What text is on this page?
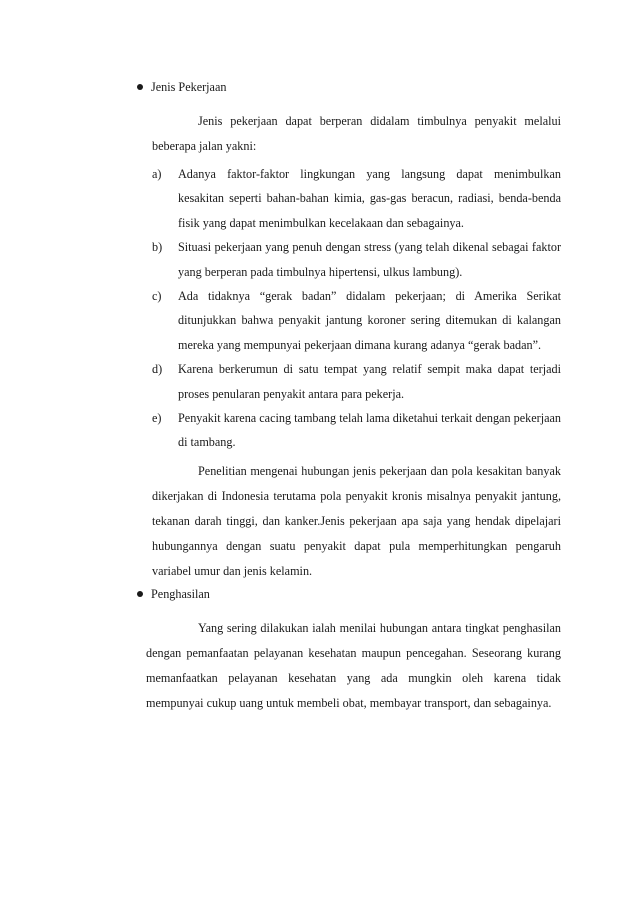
Jenis Pekerjaan

Jenis pekerjaan dapat berperan didalam timbulnya penyakit melalui beberapa jalan yakni:

a) Adanya faktor-faktor lingkungan yang langsung dapat menimbulkan kesakitan seperti bahan-bahan kimia, gas-gas beracun, radiasi, benda-benda fisik yang dapat menimbulkan kecelakaan dan sebagainya.
b) Situasi pekerjaan yang penuh dengan stress (yang telah dikenal sebagai faktor yang berperan pada timbulnya hipertensi, ulkus lambung).
c) Ada tidaknya “gerak badan” didalam pekerjaan; di Amerika Serikat ditunjukkan bahwa penyakit jantung koroner sering ditemukan di kalangan mereka yang mempunyai pekerjaan dimana kurang adanya “gerak badan”.
d) Karena berkerumun di satu tempat yang relatif sempit maka dapat terjadi proses penularan penyakit antara para pekerja.
e) Penyakit karena cacing tambang telah lama diketahui terkait dengan pekerjaan di tambang.

Penelitian mengenai hubungan jenis pekerjaan dan pola kesakitan banyak dikerjakan di Indonesia terutama pola penyakit kronis misalnya penyakit jantung, tekanan darah tinggi, dan kanker.Jenis pekerjaan apa saja yang hendak dipelajari hubungannya dengan suatu penyakit dapat pula memperhitungkan pengaruh variabel umur dan jenis kelamin.

Penghasilan

Yang sering dilakukan ialah menilai hubungan antara tingkat penghasilan dengan pemanfaatan pelayanan kesehatan maupun pencegahan. Seseorang kurang memanfaatkan pelayanan kesehatan yang ada mungkin oleh karena tidak mempunyai cukup uang untuk membeli obat, membayar transport, dan sebagainya.
